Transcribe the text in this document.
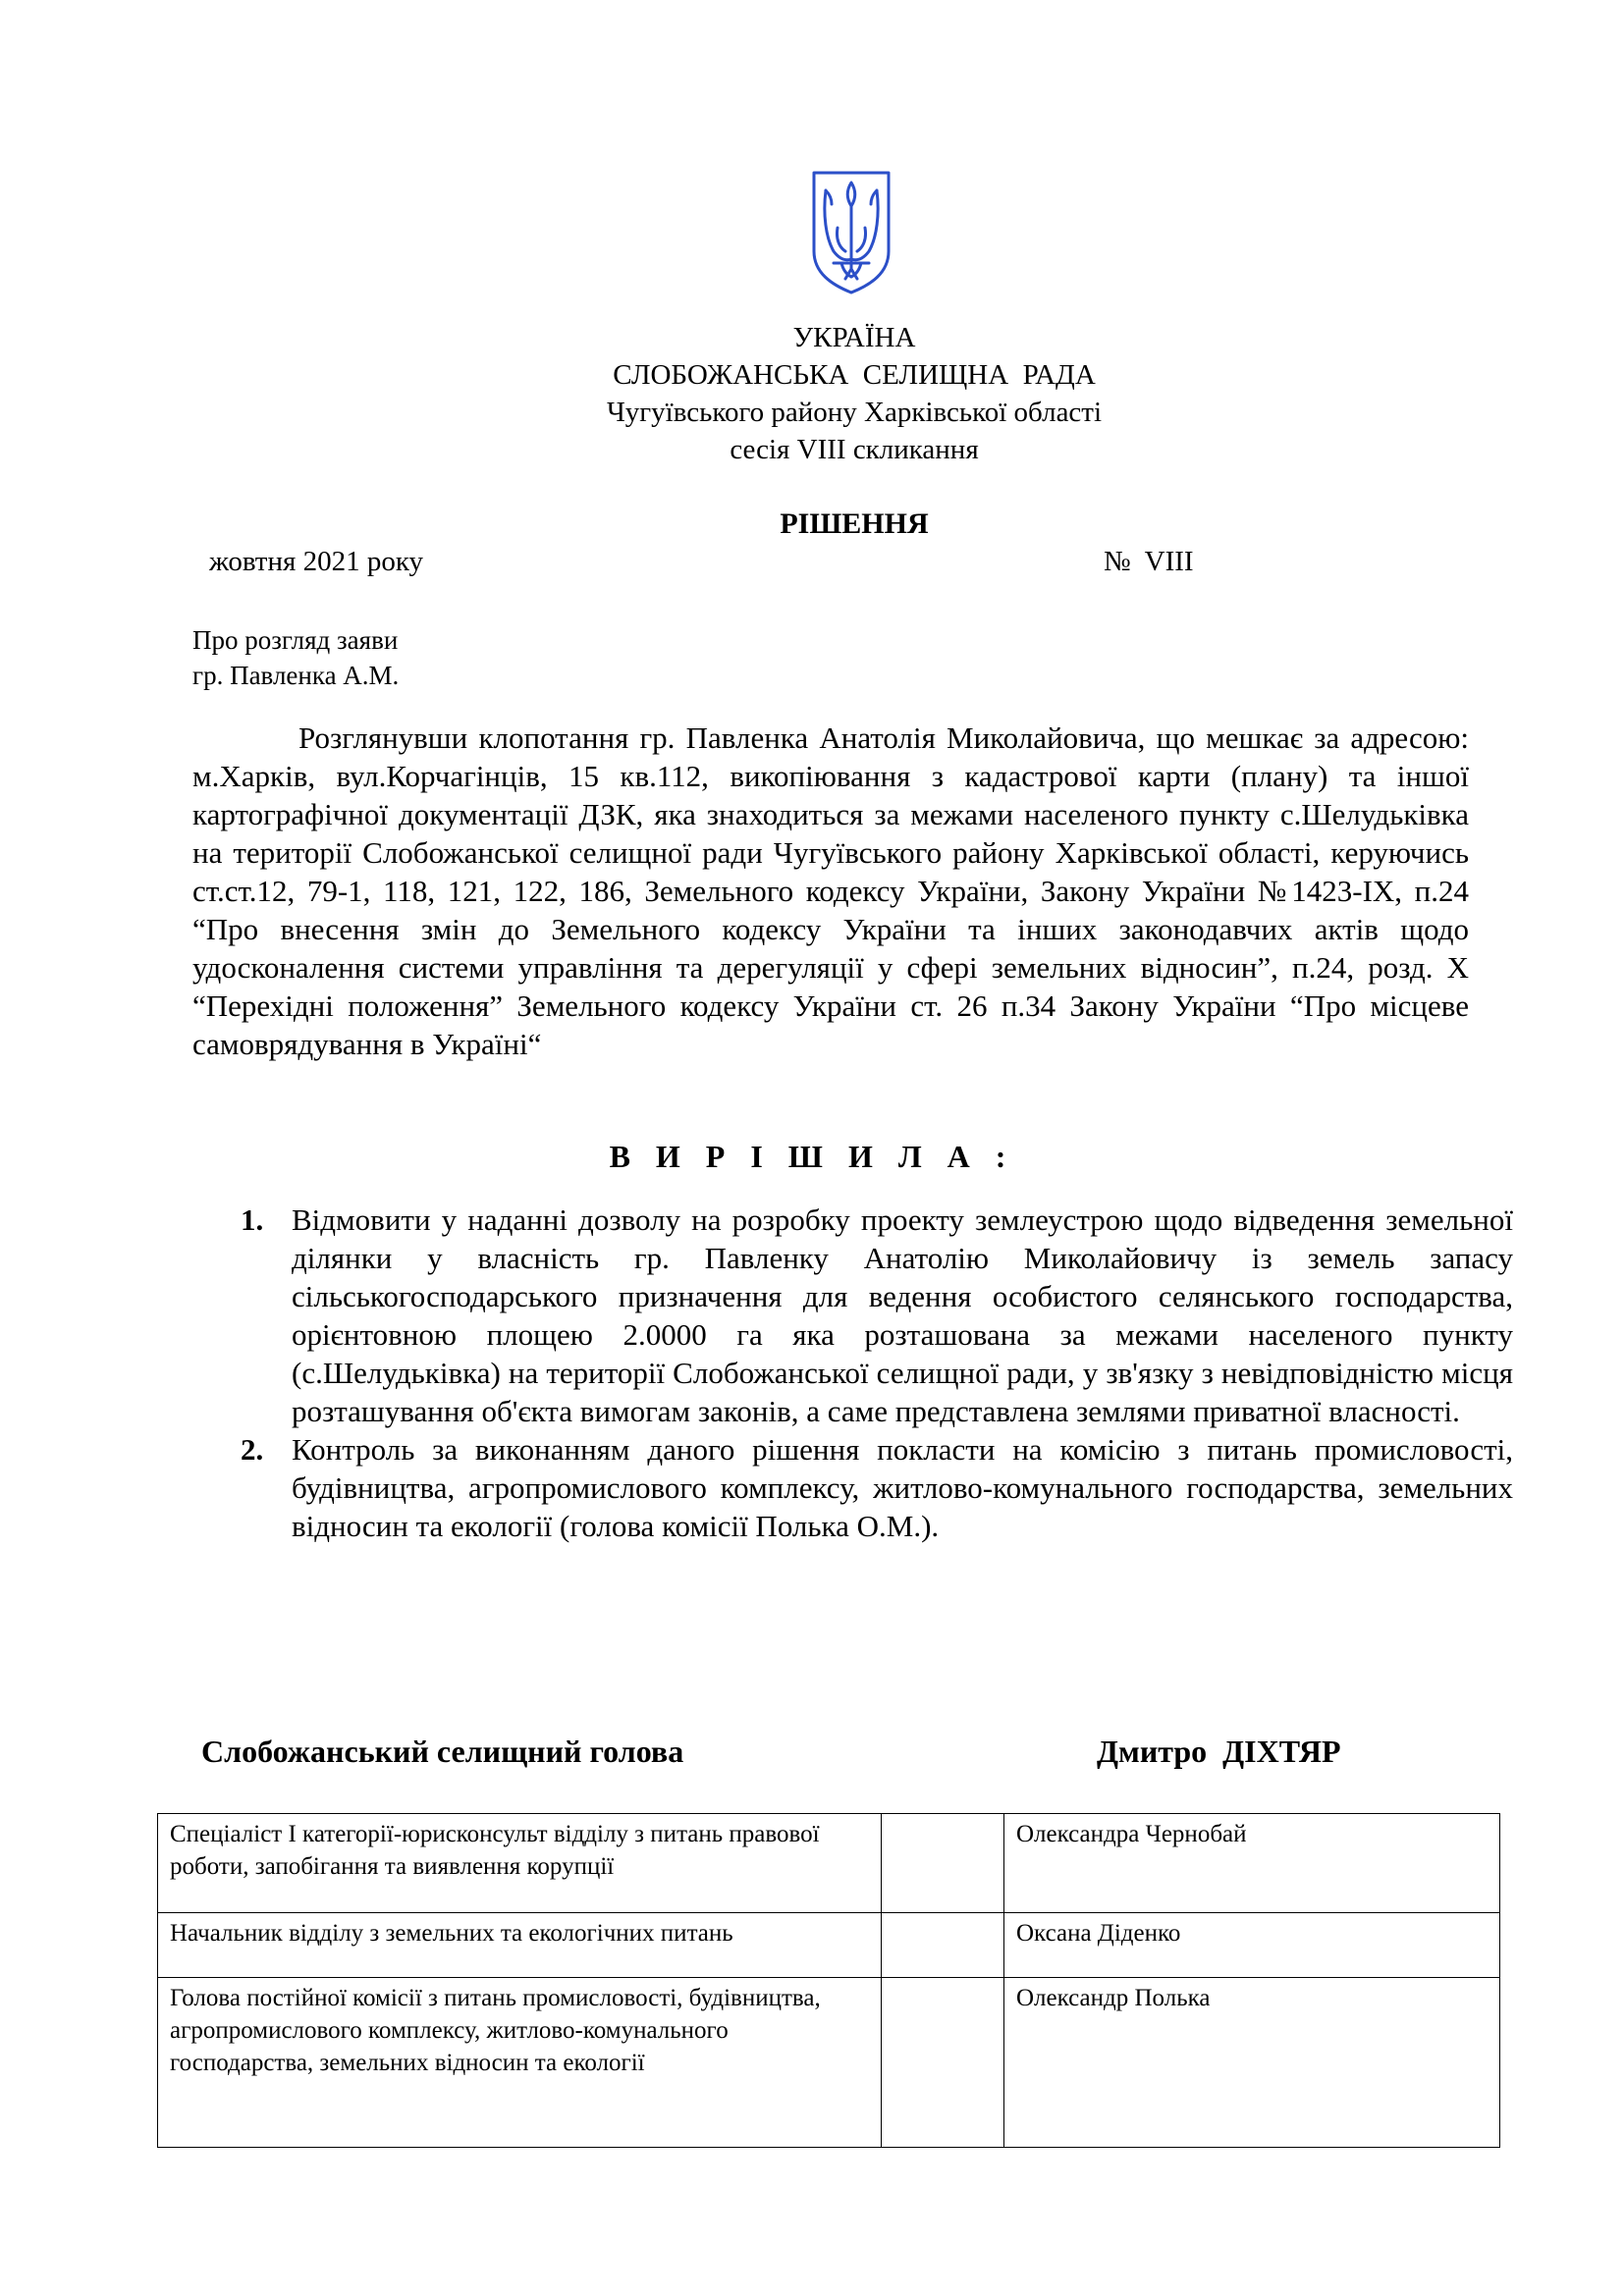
УКРАЇНА
СЛОБОЖАНСЬКА  СЕЛИЩНА  РАДА
Чугуївського району Харківської області
сесія VIII скликання
РІШЕННЯ
жовтня 2021 року	№  VIII
Про розгляд заяви
гр. Павленка А.М.
Розглянувши клопотання гр. Павленка Анатолія Миколайовича, що мешкає за адресою: м.Харків, вул.Корчагінців, 15 кв.112, викопіювання з кадастрової карти (плану) та іншої картографічної документації ДЗК, яка знаходиться за межами населеного пункту с.Шелудьківка на території Слобожанської селищної ради Чугуївського району Харківської області, керуючись ст.ст.12, 79-1, 118, 121, 122, 186, Земельного кодексу України, Закону України №1423-IX, п.24 “Про внесення змін до Земельного кодексу України та інших законодавчих актів щодо удосконалення системи управління та дерегуляції у сфері земельних відносин”, п.24, розд. Х “Перехідні положення” Земельного кодексу України ст. 26 п.34 Закону України “Про місцеве самоврядування в Україні“
В И Р І Ш И Л А :
1. Відмовити у наданні дозволу на розробку проекту землеустрою щодо відведення земельної ділянки у власність гр. Павленку Анатолію Миколайовичу із земель запасу сільськогосподарського призначення для ведення особистого селянського господарства, орієнтовною площею 2.0000 га яка розташована за межами населеного пункту (с.Шелудьківка) на території Слобожанської селищної ради, у зв'язку з невідповідністю місця розташування об'єкта вимогам законів, а саме представлена землями приватної власності.
2. Контроль за виконанням даного рішення покласти на комісію з питань промисловості, будівництва, агропромислового комплексу, житлово-комунального господарства, земельних відносин та екології (голова комісії Полька О.М.).
Слобожанський селищний голова	Дмитро  ДІХТЯР
Спеціаліст І категорії-юрисконсульт відділу з питань правової роботи, запобігання та виявлення корупції		Олександра Чернобай
Начальник відділу з земельних та екологічних питань		Оксана Діденко
Голова постійної комісії з питань промисловості, будівництва, агропромислового комплексу, житлово-комунального господарства, земельних відносин та екології		Олександр Полька
